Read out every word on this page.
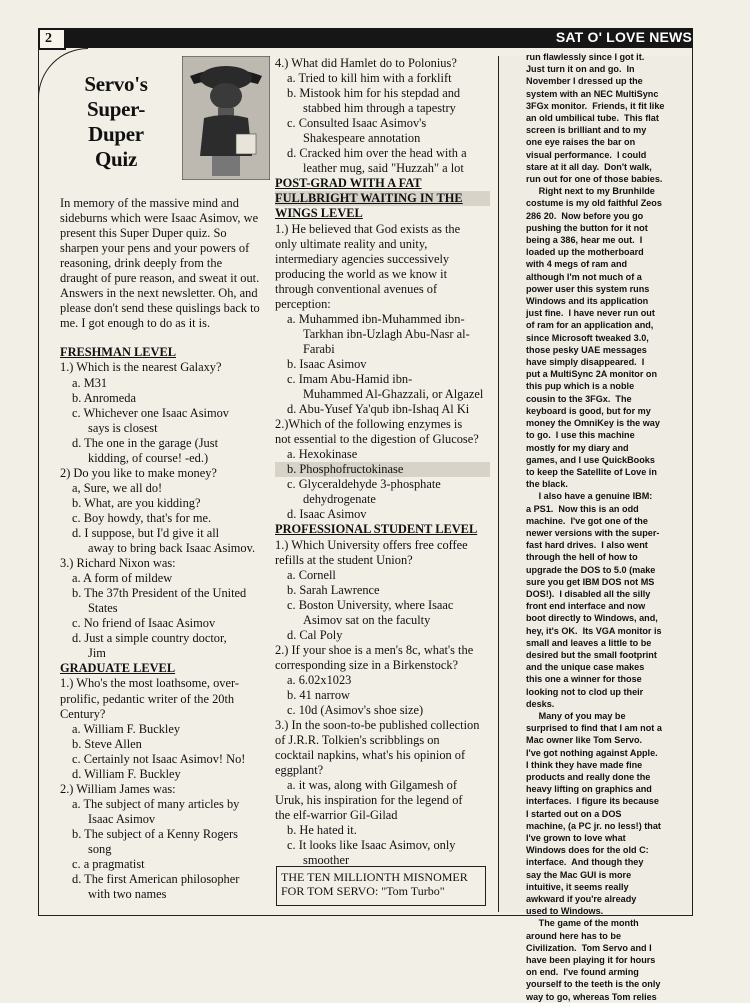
2	SAT O' LOVE NEWS
Servo's
Super-
Duper
Quiz
In memory of the massive mind and
sideburns which were Isaac Asimov, we
present this Super Duper quiz. So
sharpen your pens and your powers of
reasoning, drink deeply from the
draught of pure reason, and sweat it out.
Answers in the next newsletter. Oh, and
please don't send these quislings back to
me. I got enough to do as it is.
FRESHMAN LEVEL
1.) Which is the nearest Galaxy?
a. M31
b. Anromeda
c. Whichever one Isaac Asimov
says is closest
d. The one in the garage (Just
kidding, of course! -ed.)
2) Do you like to make money?
a, Sure, we all do!
b. What, are you kidding?
c. Boy howdy, that's for me.
d. I suppose, but I'd give it all
away to bring back Isaac Asimov.
3.) Richard Nixon was:
a. A form of mildew
b. The 37th President of the United
States
c. No friend of Isaac Asimov
d. Just a simple country doctor,
Jim
GRADUATE LEVEL
1.) Who's the most loathsome, over-
prolific, pedantic writer of the 20th
Century?
a. William F. Buckley
b. Steve Allen
c. Certainly not Isaac Asimov! No!
d. William F. Buckley
2.) William James was:
a. The subject of many articles by
Isaac Asimov
b. The subject of a Kenny Rogers
song
c. a pragmatist
d. The first American philosopher
with two names
4.) What did Hamlet do to Polonius?
a. Tried to kill him with a forklift
b. Mistook him for his stepdad and
stabbed him through a tapestry
c. Consulted Isaac Asimov's
Shakespeare annotation
d. Cracked him over the head with a
leather mug, said "Huzzah" a lot
POST-GRAD WITH A FAT
FULLBRIGHT WAITING IN THE
WINGS LEVEL
1.) He believed that God exists as the
only ultimate reality and unity,
intermediary agencies successively
producing the world as we know it
through conventional avenues of
perception:
a. Muhammed ibn-Muhammed ibn-
Tarkhan ibn-Uzlagh Abu-Nasr al-
Farabi
b. Isaac Asimov
c. Imam Abu-Hamid ibn-
Muhammed Al-Ghazzali, or Algazel
d. Abu-Yusef Ya'qub ibn-Ishaq Al Ki
2.)Which of the following enzymes is
not essential to the digestion of Glucose?
a. Hexokinase
b. Phosphofructokinase
c. Glyceraldehyde 3-phosphate
dehydrogenate
d. Isaac Asimov
PROFESSIONAL STUDENT LEVEL
1.) Which University offers free coffee
refills at the student Union?
a. Cornell
b. Sarah Lawrence
c. Boston University, where Isaac
Asimov sat on the faculty
d. Cal Poly
2.) If your shoe is a men's 8c, what's the
corresponding size in a Birkenstock?
a. 6.02x1023
b. 41 narrow
c. 10d (Asimov's shoe size)
3.) In the soon-to-be published collection
of J.R.R. Tolkien's scribblings on
cocktail napkins, what's his opinion of
eggplant?
a. it was, along with Gilgamesh of
Uruk, his inspiration for the legend of
the elf-warrior Gil-Gilad
b. He hated it.
c. It looks like Isaac Asimov, only
smoother
THE TEN MILLIONTH MISNOMER
FOR TOM SERVO: "Tom Turbo"
run flawlessly since I got it.
Just turn it on and go.  In
November I dressed up the
system with an NEC MultiSync
3FGx monitor.  Friends, it fit like
an old umbilical tube.  This flat
screen is brilliant and to my
one eye raises the bar on
visual performance.  I could
stare at it all day.  Don't walk,
run out for one of those babies.
Right next to my Brunhilde
costume is my old faithful Zeos
286 20.  Now before you go
pushing the button for it not
being a 386, hear me out.  I
loaded up the motherboard
with 4 megs of ram and
although I'm not much of a
power user this system runs
Windows and its application
just fine.  I have never run out
of ram for an application and,
since Microsoft tweaked 3.0,
those pesky UAE messages
have simply disappeared.  I
put a MultiSync 2A monitor on
this pup which is a noble
cousin to the 3FGx.  The
keyboard is good, but for my
money the OmniKey is the way
to go.  I use this machine
mostly for my diary and
games, and I use QuickBooks
to keep the Satellite of Love in
the black.
I also have a genuine IBM:
a PS1.  Now this is an odd
machine.  I've got one of the
newer versions with the super-
fast hard drives.  I also went
through the hell of how to
upgrade the DOS to 5.0 (make
sure you get IBM DOS not MS
DOS!).  I disabled all the silly
front end interface and now
boot directly to Windows, and,
hey, it's OK.  Its VGA monitor is
small and leaves a little to be
desired but the small footprint
and the unique case makes
this one a winner for those
looking not to clod up their
desks.
Many of you may be
surprised to find that I am not a
Mac owner like Tom Servo.
I've got nothing against Apple.
I think they have made fine
products and really done the
heavy lifting on graphics and
interfaces.  I figure its because
I started out on a DOS
machine, (a PC jr. no less!) that
I've grown to love what
Windows does for the old C:
interface.  And though they
say the Mac GUI is more
intuitive, it seems really
awkward if you're already
used to Windows.
The game of the month
around here has to be
Civilization.  Tom Servo and I
have been playing it for hours
on end.  I've found arming
yourself to the teeth is the only
way to go, whereas Tom relies
